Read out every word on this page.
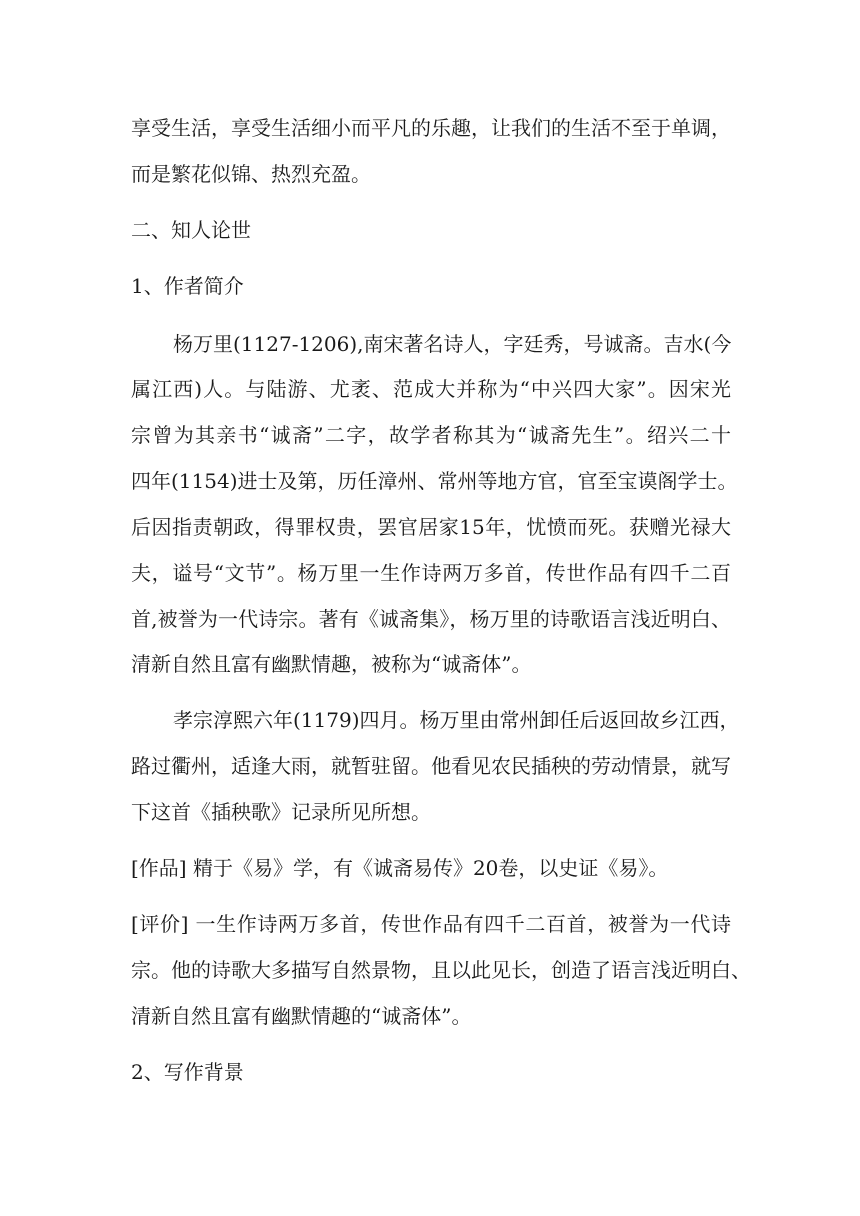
享受生活，享受生活细小而平凡的乐趣，让我们的生活不至于单调，
而是繁花似锦、热烈充盈。
二、知人论世
1、作者简介
杨万里(1127-1206),南宋著名诗人，字廷秀，号诚斋。吉水(今
属江西)人。与陆游、尤袤、范成大并称为“中兴四大家”。因宋光
宗曾为其亲书“诚斋”二字，故学者称其为“诚斋先生”。绍兴二十
四年(1154)进士及第，历任漳州、常州等地方官，官至宝谟阁学士。
后因指责朝政，得罪权贵，罢官居家15年，忧愤而死。获赠光禄大
夫，谥号“文节”。杨万里一生作诗两万多首，传世作品有四千二百
首,被誉为一代诗宗。著有《诚斋集》，杨万里的诗歌语言浅近明白、
清新自然且富有幽默情趣，被称为“诚斋体”。
孝宗淳熙六年(1179)四月。杨万里由常州卸任后返回故乡江西，
路过衢州，适逢大雨，就暂驻留。他看见农民插秧的劳动情景，就写
下这首《插秧歌》记录所见所想。
[作品] 精于《易》学，有《诚斋易传》20卷，以史证《易》。
[评价] 一生作诗两万多首，传世作品有四千二百首，被誉为一代诗
宗。他的诗歌大多描写自然景物，且以此见长，创造了语言浅近明白、
清新自然且富有幽默情趣的“诚斋体”。
2、写作背景
